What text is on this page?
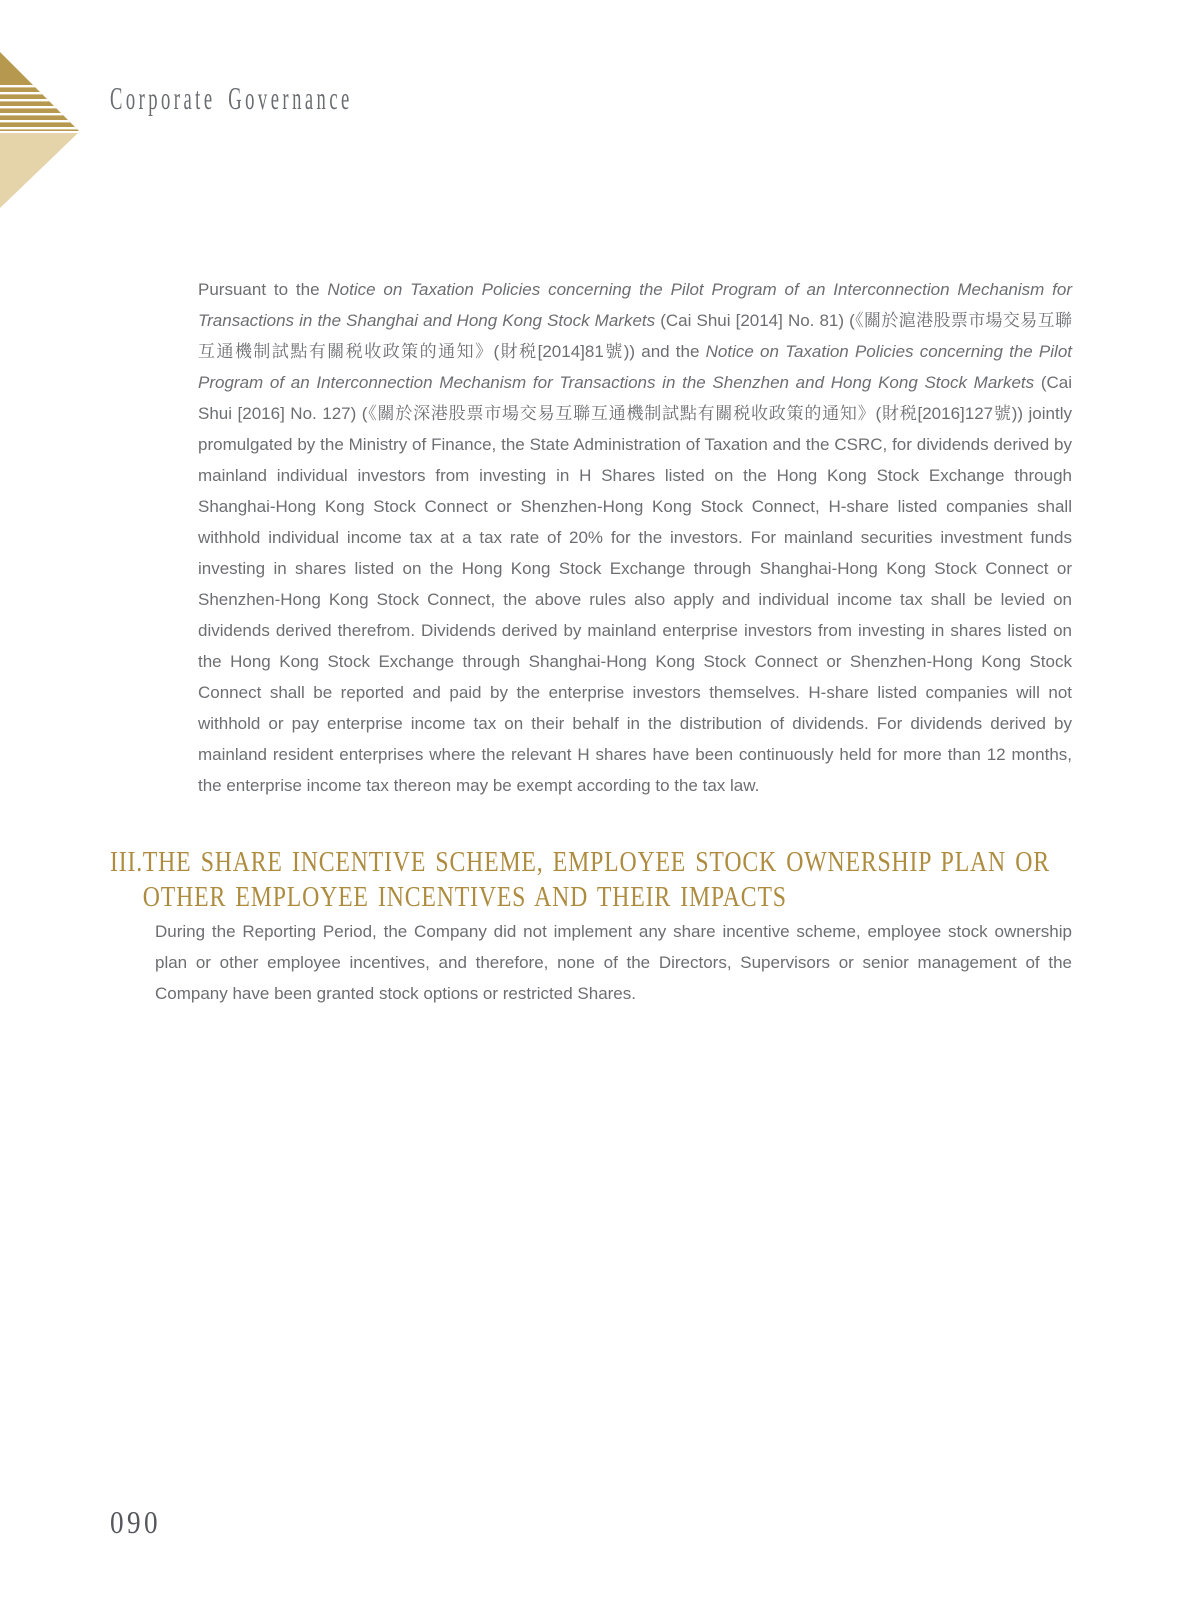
Corporate Governance

Pursuant to the Notice on Taxation Policies concerning the Pilot Program of an Interconnection Mechanism for Transactions in the Shanghai and Hong Kong Stock Markets (Cai Shui [2014] No. 81) (《關於滬港股票市場交易互聯互通機制試點有關税收政策的通知》(財税[2014]81號)) and the Notice on Taxation Policies concerning the Pilot Program of an Interconnection Mechanism for Transactions in the Shenzhen and Hong Kong Stock Markets (Cai Shui [2016] No. 127) (《關於深港股票市場交易互聯互通機制試點有關税收政策的通知》(財税[2016]127號)) jointly promulgated by the Ministry of Finance, the State Administration of Taxation and the CSRC, for dividends derived by mainland individual investors from investing in H Shares listed on the Hong Kong Stock Exchange through Shanghai-Hong Kong Stock Connect or Shenzhen-Hong Kong Stock Connect, H-share listed companies shall withhold individual income tax at a tax rate of 20% for the investors. For mainland securities investment funds investing in shares listed on the Hong Kong Stock Exchange through Shanghai-Hong Kong Stock Connect or Shenzhen-Hong Kong Stock Connect, the above rules also apply and individual income tax shall be levied on dividends derived therefrom. Dividends derived by mainland enterprise investors from investing in shares listed on the Hong Kong Stock Exchange through Shanghai-Hong Kong Stock Connect or Shenzhen-Hong Kong Stock Connect shall be reported and paid by the enterprise investors themselves. H-share listed companies will not withhold or pay enterprise income tax on their behalf in the distribution of dividends. For dividends derived by mainland resident enterprises where the relevant H shares have been continuously held for more than 12 months, the enterprise income tax thereon may be exempt according to the tax law.

III. THE SHARE INCENTIVE SCHEME, EMPLOYEE STOCK OWNERSHIP PLAN OR
OTHER EMPLOYEE INCENTIVES AND THEIR IMPACTS

During the Reporting Period, the Company did not implement any share incentive scheme, employee stock ownership plan or other employee incentives, and therefore, none of the Directors, Supervisors or senior management of the Company have been granted stock options or restricted Shares.

090
